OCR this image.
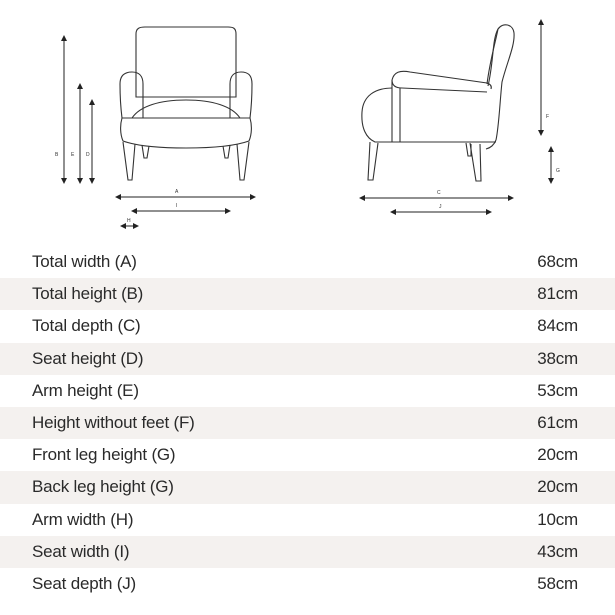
B	E D
A
I
H
F
G
C
J
Total width (A)	68cm
Total height (B)	81cm
Total depth (C)	84cm
Seat height (D)	38cm
Arm height (E)	53cm
Height without feet (F)	61cm
Front leg height (G)	20cm
Back leg height (G)	20cm
Arm width (H)	10cm
Seat width (I)	43cm
Seat depth (J)	58cm
